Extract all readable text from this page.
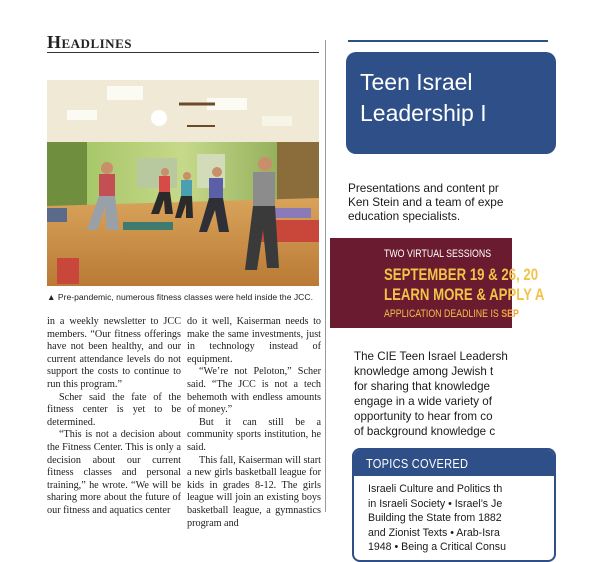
Headlines
▲ Pre-pandemic, numerous fitness classes were held inside the JCC.

in a weekly newsletter to JCC members. “Our fitness offerings have not been healthy, and our current attendance levels do not support the costs to continue to run this program.”

Scher said the fate of the fitness center is yet to be determined.

“This is not a decision about the Fitness Center. This is only a decision about our current fitness classes and personal training,” he wrote. “We will be sharing more about the future of our fitness and aquatics center

do it well, Kaiserman needs to make the same investments, just in technology instead of equipment.

“We’re not Peloton,” Scher said. “The JCC is not a tech behemoth with endless amounts of money.”

But it can still be a community sports institution, he said.

This fall, Kaiserman will start a new girls basketball league for kids in grades 8-12. The girls league will join an existing boys basketball league, a gymnastics program and

Teen Israel
Leadership I
Presentations and content pr
Ken Stein and a team of expe
education specialists.
TWO VIRTUAL SESSIONS
SEPTEMBER 19 & 26, 20
LEARN MORE & APPLY A
APPLICATION DEADLINE IS SEP
The CIE Teen Israel Leadersh
knowledge among Jewish t
for sharing that knowledge
engage in a wide variety of
opportunity to hear from co
of background knowledge c
TOPICS COVERED
Israeli Culture and Politics th
in Israeli Society • Israel’s Je
Building the State from 1882
and Zionist Texts • Arab-Isra
1948 • Being a Critical Consu
